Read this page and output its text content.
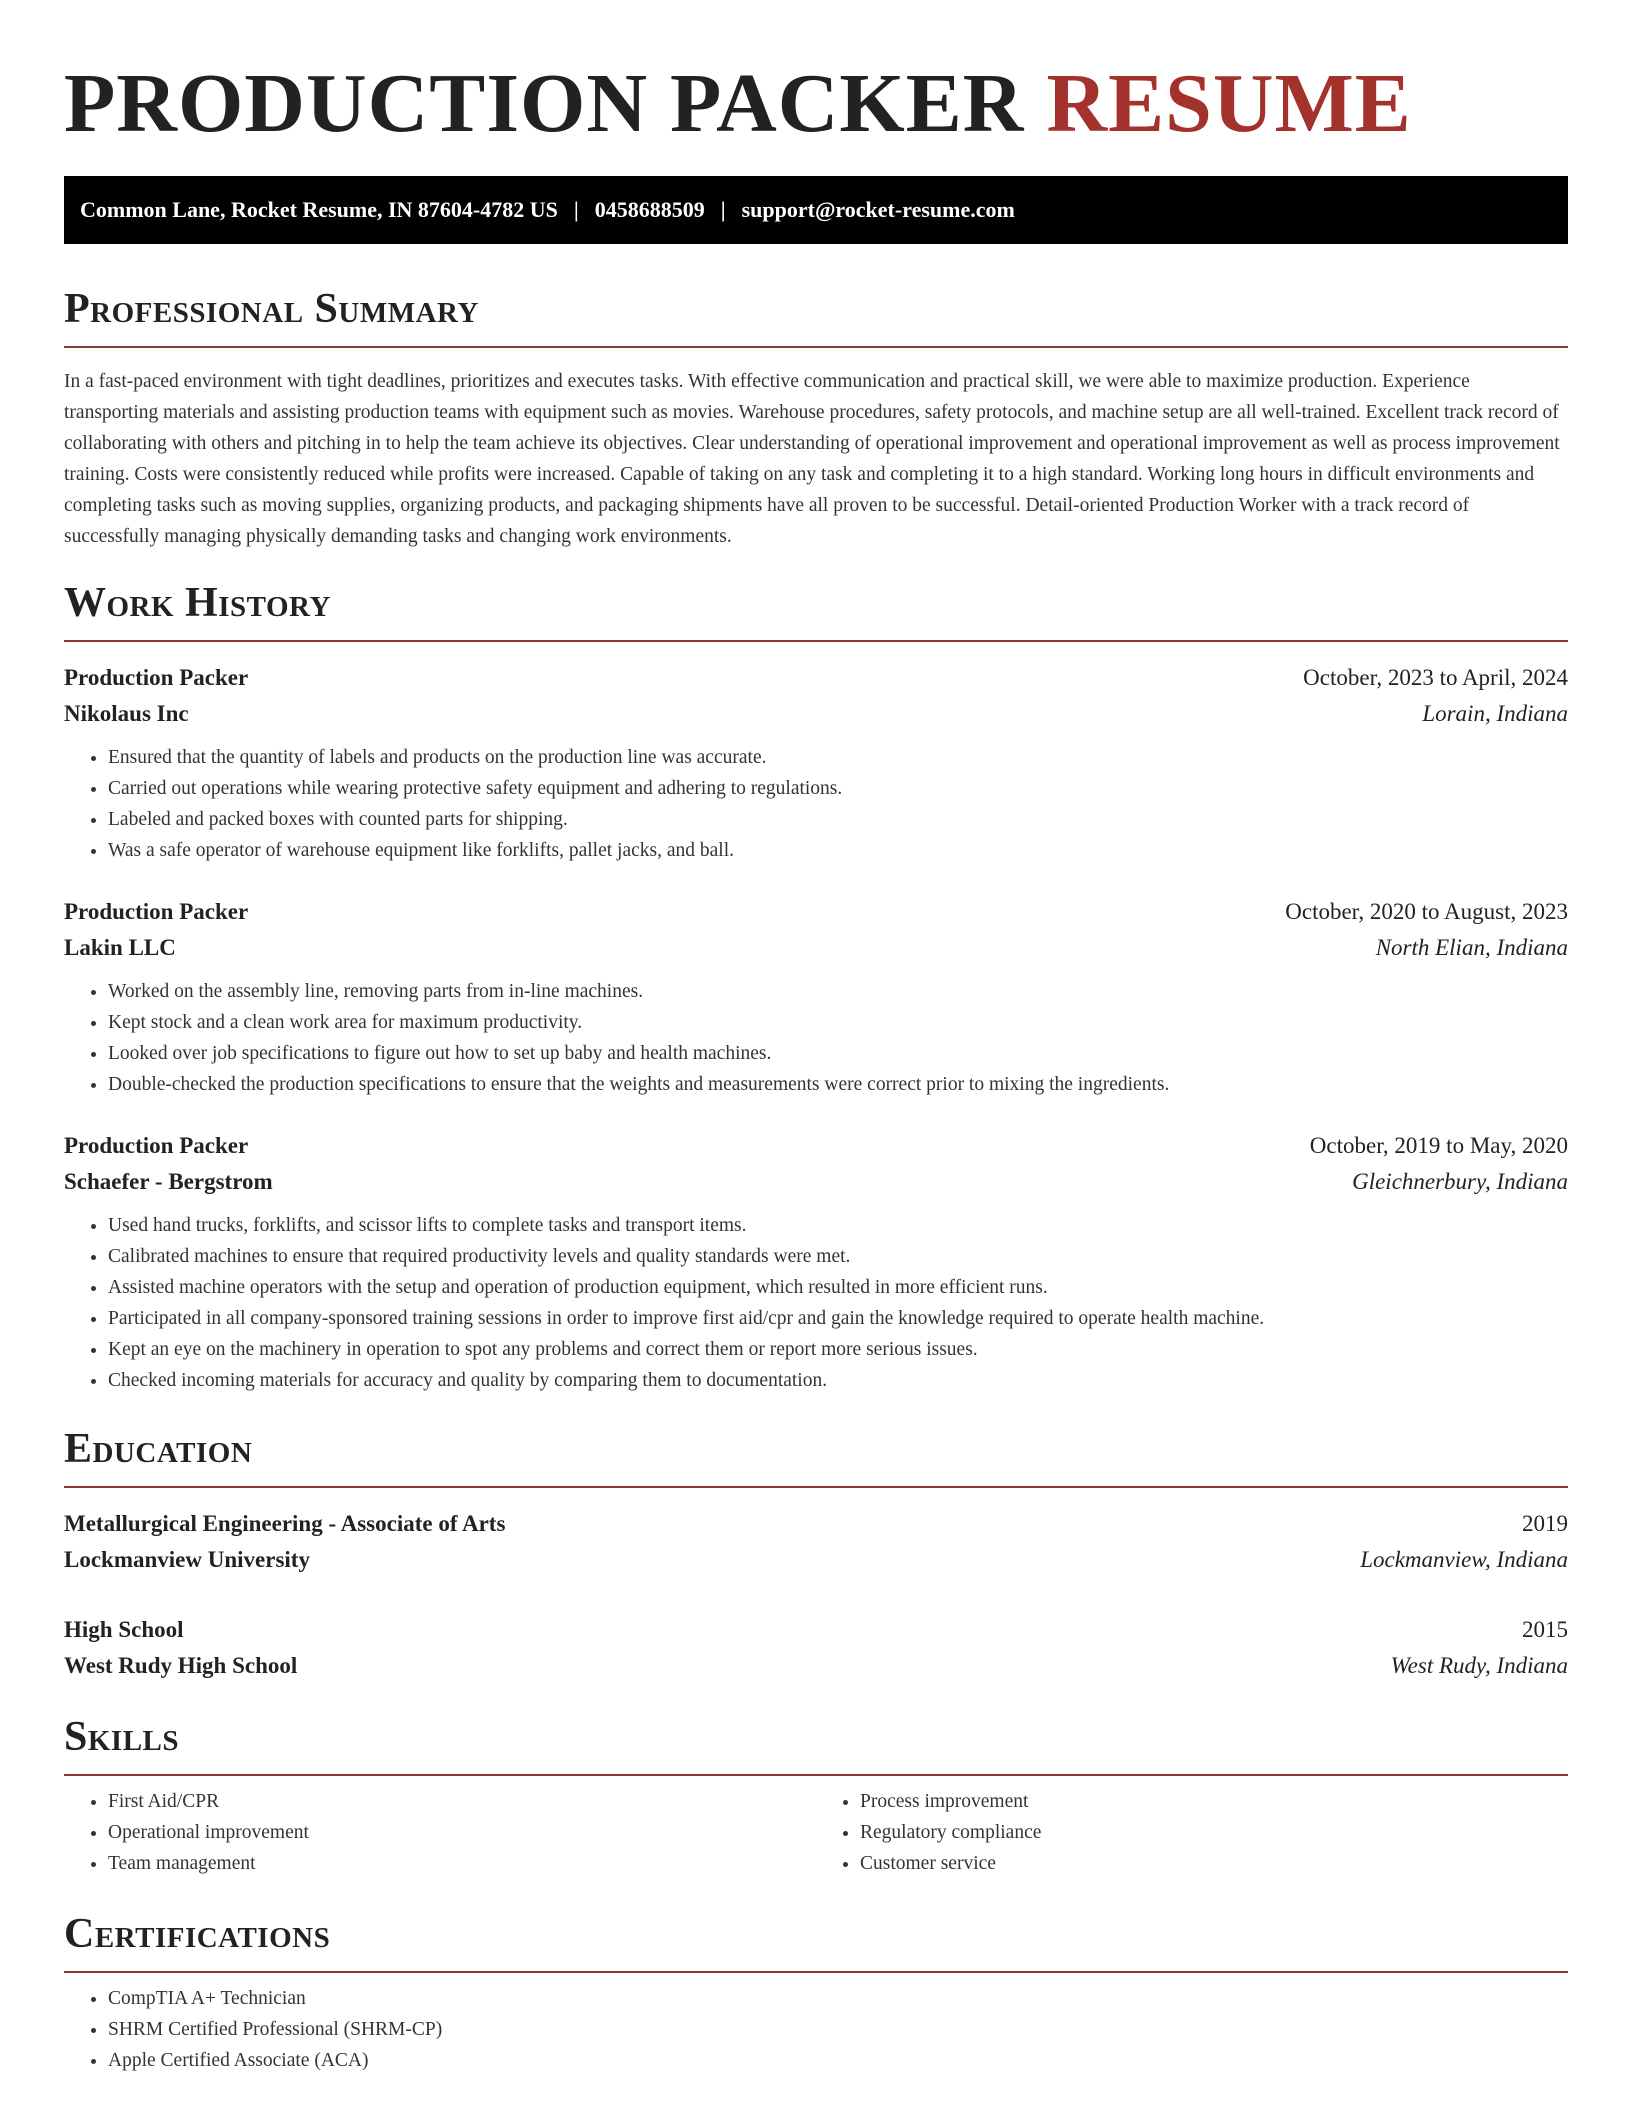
PRODUCTION PACKER RESUME
Common Lane, Rocket Resume, IN 87604-4782 US | 0458688509 | support@rocket-resume.com
Professional Summary

In a fast-paced environment with tight deadlines, prioritizes and executes tasks. With effective communication and practical skill, we were able to maximize production. Experience transporting materials and assisting production teams with equipment such as movies. Warehouse procedures, safety protocols, and machine setup are all well-trained. Excellent track record of collaborating with others and pitching in to help the team achieve its objectives. Clear understanding of operational improvement and operational improvement as well as process improvement training. Costs were consistently reduced while profits were increased. Capable of taking on any task and completing it to a high standard. Working long hours in difficult environments and completing tasks such as moving supplies, organizing products, and packaging shipments have all proven to be successful. Detail-oriented Production Worker with a track record of successfully managing physically demanding tasks and changing work environments.

Work History
Production Packer	October, 2023 to April, 2024
Nikolaus Inc	Lorain, Indiana
• Ensured that the quantity of labels and products on the production line was accurate.
• Carried out operations while wearing protective safety equipment and adhering to regulations.
• Labeled and packed boxes with counted parts for shipping.
• Was a safe operator of warehouse equipment like forklifts, pallet jacks, and ball.
Production Packer	October, 2020 to August, 2023
Lakin LLC	North Elian, Indiana
• Worked on the assembly line, removing parts from in-line machines.
• Kept stock and a clean work area for maximum productivity.
• Looked over job specifications to figure out how to set up baby and health machines.
• Double-checked the production specifications to ensure that the weights and measurements were correct prior to mixing the ingredients.
Production Packer	October, 2019 to May, 2020
Schaefer - Bergstrom	Gleichnerbury, Indiana
• Used hand trucks, forklifts, and scissor lifts to complete tasks and transport items.
• Calibrated machines to ensure that required productivity levels and quality standards were met.
• Assisted machine operators with the setup and operation of production equipment, which resulted in more efficient runs.
• Participated in all company-sponsored training sessions in order to improve first aid/cpr and gain the knowledge required to operate health machine.
• Kept an eye on the machinery in operation to spot any problems and correct them or report more serious issues.
• Checked incoming materials for accuracy and quality by comparing them to documentation.
Education
Metallurgical Engineering - Associate of Arts	2019
Lockmanview University	Lockmanview, Indiana
High School	2015
West Rudy High School	West Rudy, Indiana
Skills
• First Aid/CPR
• Operational improvement
• Team management
• Process improvement
• Regulatory compliance
• Customer service
Certifications
• CompTIA A+ Technician
• SHRM Certified Professional (SHRM-CP)
• Apple Certified Associate (ACA)
